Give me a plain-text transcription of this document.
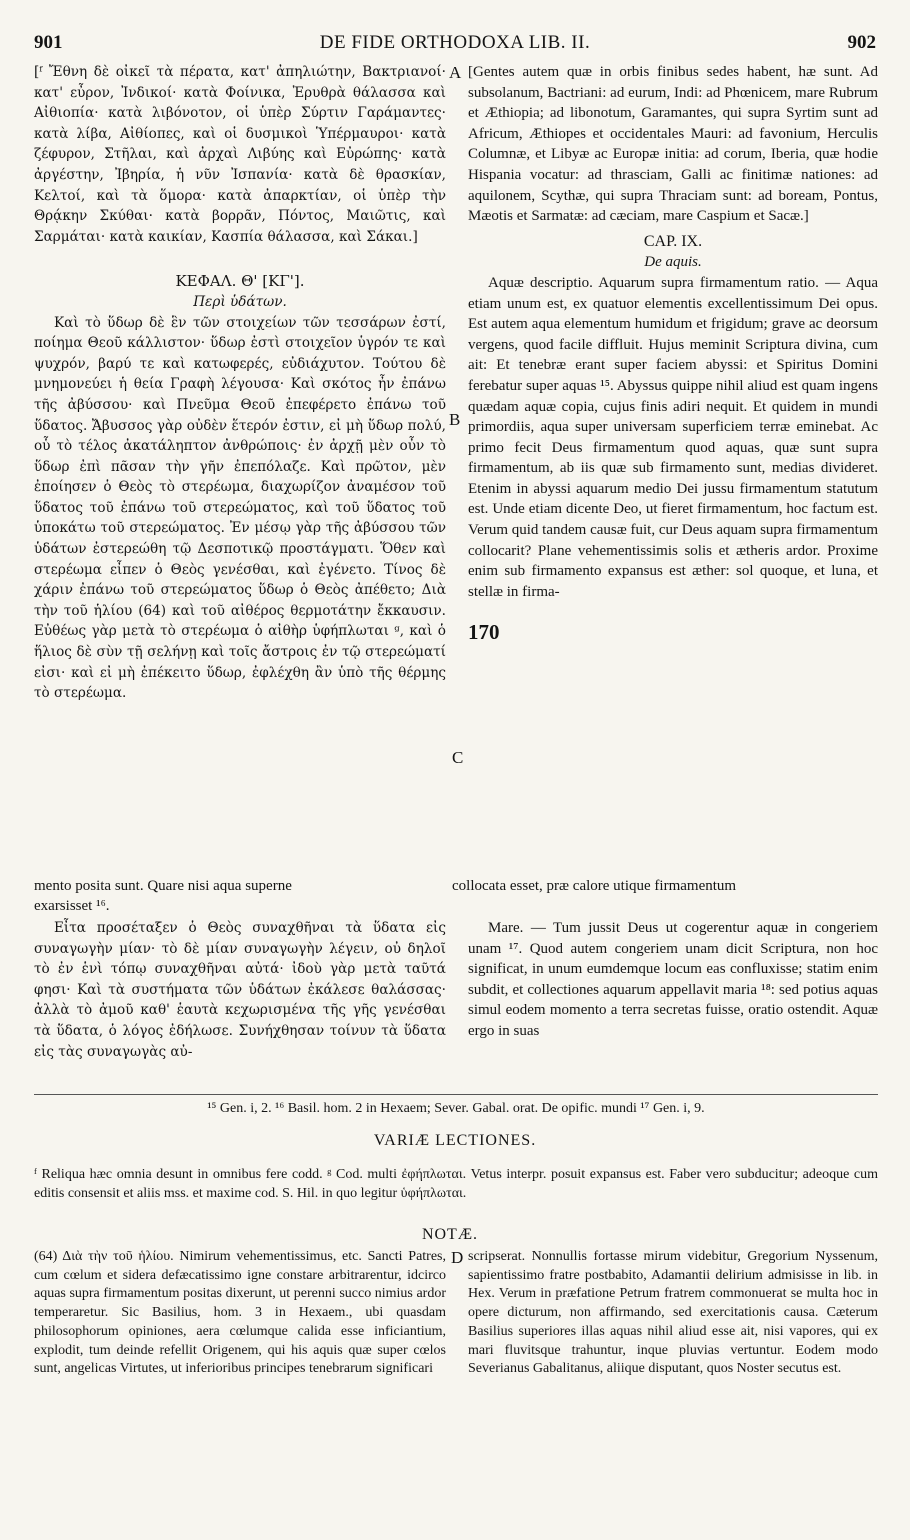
901	DE FIDE ORTHODOXA LIB. II.	902

[ᶠ Ἔθνη δὲ οἰκεῖ τὰ πέρατα, κατ' ἀπηλιώτην, Βακτριανοί· κατ' εὖρον, Ἰνδικοί· κατὰ Φοίνικα, Ἐρυθρὰ θάλασσα καὶ Αἰθιοπία· κατὰ λιβόνοτον, οἱ ὑπὲρ Σύρτιν Γαράμαντες· κατὰ λίβα, Αἰθίοπες, καὶ οἱ δυσμικοὶ Ὑπέρμαυροι· κατὰ ζέφυρον, Στῆλαι, καὶ ἀρχαὶ Λιβύης καὶ Εὐρώπης· κατὰ ἀργέστην, Ἰβηρία, ἡ νῦν Ἰσπανία· κατὰ δὲ θρασκίαν, Κελτοί, καὶ τὰ ὅμορα· κατὰ ἀπαρκτίαν, οἱ ὑπὲρ τὴν Θρᾴκην Σκύθαι· κατὰ βορρᾶν, Πόντος, Μαιῶτις, καὶ Σαρμάται· κατὰ καικίαν, Κασπία θάλασσα, καὶ Σάκαι.]

ΚΕΦΑΛ. Θ' [ΚΓ'].

Περὶ ὑδάτων.

Καὶ τὸ ὕδωρ δὲ ἓν τῶν στοιχείων τῶν τεσσάρων ἐστί, ποίημα Θεοῦ κάλλιστον· ὕδωρ ἐστὶ στοιχεῖον ὑγρόν τε καὶ ψυχρόν, βαρύ τε καὶ κατωφερές, εὐδιάχυτον. Τούτου δὲ μνημονεύει ἡ θεία Γραφὴ λέγουσα· Καὶ σκότος ἦν ἐπάνω τῆς ἀβύσσου· καὶ Πνεῦμα Θεοῦ ἐπεφέρετο ἐπάνω τοῦ ὕδατος. Ἄβυσσος γὰρ οὐδὲν ἕτερόν ἐστιν, εἰ μὴ ὕδωρ πολύ, οὗ τὸ τέλος ἀκατάληπτον ἀνθρώποις· ἐν ἀρχῇ μὲν οὖν τὸ ὕδωρ ἐπὶ πᾶσαν τὴν γῆν ἐπεπόλαζε. Καὶ πρῶτον, μὲν ἐποίησεν ὁ Θεὸς τὸ στερέωμα, διαχωρίζον ἀναμέσον τοῦ ὕδατος τοῦ ἐπάνω τοῦ στερεώματος, καὶ τοῦ ὕδατος τοῦ ὑποκάτω τοῦ στερεώματος. Ἐν μέσῳ γὰρ τῆς ἀβύσσου τῶν ὑδάτων ἐστερεώθη τῷ Δεσποτικῷ προστάγματι. Ὅθεν καὶ στερέωμα εἶπεν ὁ Θεὸς γενέσθαι, καὶ ἐγένετο. Τίνος δὲ χάριν ἐπάνω τοῦ στερεώματος ὕδωρ ὁ Θεὸς ἀπέθετο; Διὰ τὴν τοῦ ἡλίου (64) καὶ τοῦ αἰθέρος θερμοτάτην ἔκκαυσιν. Εὐθέως γὰρ μετὰ τὸ στερέωμα ὁ αἰθὴρ ὑφήπλωται ᵍ, καὶ ὁ ἥλιος δὲ σὺν τῇ σελήνῃ καὶ τοῖς ἄστροις ἐν τῷ στερεώματί εἰσι· καὶ εἰ μὴ ἐπέκειτο ὕδωρ, ἐφλέχθη ἂν ὑπὸ τῆς θέρμης τὸ στερέωμα.

Εἶτα προσέταξεν ὁ Θεὸς συναχθῆναι τὰ ὕδατα εἰς συναγωγὴν μίαν· τὸ δὲ μίαν συναγωγὴν λέγειν, οὐ δηλοῖ τὸ ἐν ἑνὶ τόπῳ συναχθῆναι αὐτά· ἰδοὺ γὰρ μετὰ ταῦτά φησι· Καὶ τὰ συστήματα τῶν ὑδάτων ἐκάλεσε θαλάσσας· ἀλλὰ τὸ ἀμοῦ καθ' ἑαυτὰ κεχωρισμένα τῆς γῆς γενέσθαι τὰ ὕδατα, ὁ λόγος ἐδήλωσε. Συνήχθησαν τοίνυν τὰ ὕδατα εἰς τὰς συναγωγὰς αὐ-

[Gentes autem quæ in orbis finibus sedes habent, hæ sunt. Ad subsolanum, Bactriani: ad eurum, Indi: ad Phœnicem, mare Rubrum et Æthiopia; ad libonotum, Garamantes, qui supra Syrtim sunt ad Africum, Æthiopes et occidentales Mauri: ad favonium, Herculis Columnæ, et Libyæ ac Europæ initia: ad corum, Iberia, quæ hodie Hispania vocatur: ad thrasciam, Galli ac finitimæ nationes: ad aquilonem, Scythæ, qui supra Thraciam sunt: ad boream, Pontus, Mæotis et Sarmatæ: ad cæciam, mare Caspium et Sacæ.]

CAP. IX.

De aquis.

Aquæ descriptio. Aquarum supra firmamentum ratio. — Aqua etiam unum est, ex quatuor elementis excellentissimum Dei opus. Est autem aqua elementum humidum et frigidum; grave ac deorsum vergens, quod facile diffluit. Hujus meminit Scriptura divina, cum ait: Et tenebræ erant super faciem abyssi: et Spiritus Domini ferebatur super aquas ¹⁵. Abyssus quippe nihil aliud est quam ingens quædam aquæ copia, cujus finis adiri nequit. Et quidem in mundi primordiis, aqua super universam superficiem terræ eminebat. Ac primo fecit Deus firmamentum quod aquas, quæ sunt supra firmamentum, ab iis quæ sub firmamento sunt, medias divideret. Etenim in abyssi aquarum medio Dei jussu firmamentum statutum est. Unde etiam dicente Deo, ut fieret firmamentum, hoc factum est. Verum quid tandem causæ fuit, cur Deus aquam supra firmamentum collocarit? Plane vehementissimis solis et ætheris ardor. Proxime enim sub firmamento expansus est æther: sol quoque, et luna, et stellæ in firma-

Mare. — Tum jussit Deus ut cogerentur aquæ in congeriem unam ¹⁷. Quod autem congeriem unam dicit Scriptura, non hoc significat, in unum eumdemque locum eas confluxisse; statim enim subdit, et collectiones aquarum appellavit maria ¹⁸: sed potius aquas simul eodem momento a terra secretas fuisse, oratio ostendit. Aquæ ergo in suas

mento posita sunt. Quare nisi aqua superne	collocata esset, præ calore utique firmamentum
exarsisset ¹⁶.
A
B
C
D
170
¹⁵ Gen. i, 2. ¹⁶ Basil. hom. 2 in Hexaem; Sever. Gabal. orat. De opific. mundi ¹⁷ Gen. i, 9.
VARIÆ LECTIONES.
ᶠ Reliqua hæc omnia desunt in omnibus fere codd. ᵍ Cod. multi ἐφήπλωται. Vetus interpr. posuit expansus est. Faber vero subducitur; adeoque cum editis consensit et aliis mss. et maxime cod. S. Hil. in quo legitur ὑφήπλωται.
NOTÆ.

(64) Διὰ τὴν τοῦ ἡλίου. Nimirum vehementissimus, etc. Sancti Patres, cum cœlum et sidera defæcatissimo igne constare arbitrarentur, idcirco aquas supra firmamentum positas dixerunt, ut perenni succo nimius ardor temperaretur. Sic Basilius, hom. 3 in Hexaem., ubi quasdam philosophorum opiniones, aera cœlumque calida esse inficiantium, explodit, tum deinde refellit Origenem, qui his aquis quæ super cœlos sunt, angelicas Virtutes, ut inferioribus principes tenebrarum significari

scripserat. Nonnullis fortasse mirum videbitur, Gregorium Nyssenum, sapientissimo fratre postbabito, Adamantii delirium admisisse in lib. in Hex. Verum in præfatione Petrum fratrem commonuerat se multa hoc in opere dicturum, non affirmando, sed exercitationis causa. Cæterum Basilius superiores illas aquas nihil aliud esse ait, nisi vapores, qui ex mari fluvitsque trahuntur, inque pluvias vertuntur. Eodem modo Severianus Gabalitanus, aliique disputant, quos Noster secutus est.
